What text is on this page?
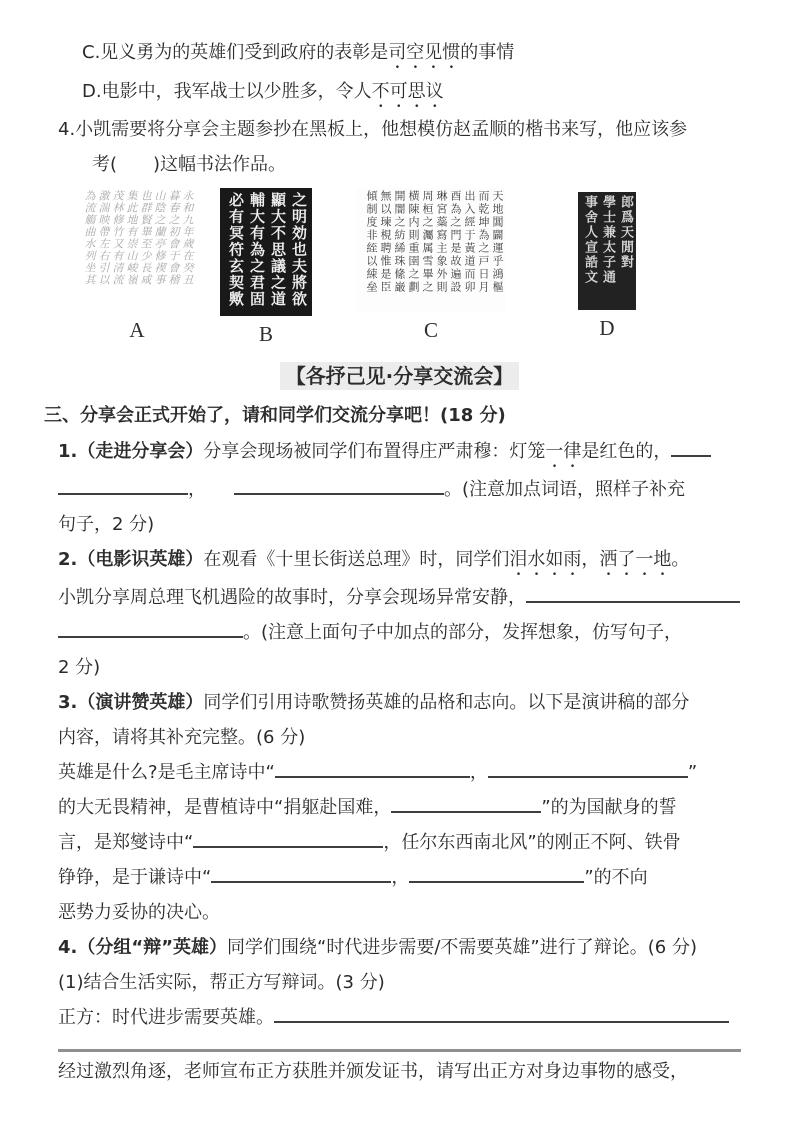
C.见义勇为的英雄们受到政府的表彰是司空见惯的事情
D.电影中，我军战士以少胜多，令人不可思议
4.小凯需要将分享会主题参抄在黑板上，他想模仿赵孟顺的楷书来写，他应该参
考(　　)这幅书法作品。
永和九年歲在癸丑
暮春之初會于會稽
山陰之蘭亭修禊事
也群賢畢至少長咸
集此地有崇山峻嶺
茂林修竹又有清流
激湍映帶左右引以
為流觴曲水列坐其
A
之明効也夫將欲
顯大不思議之道
輔大有為之君固
必有冥符玄契歟
B
天地閶闢運乎鴻樞
而乾坤為之戸日月
出入經于黃道而卯
酉為之門是故遍設
琳宮蘂寫主象外則
周桓之灟属雪畢之
横陳内則重圉之劃
開闇之紡絺珠絛巌
無以瑓梘聘惟是臣
傾制度非絰以綀垒
C
郎爲天閒對
學士兼太子通
事舍人宣誥文
D
【各抒己见·分享交流会】
三、分享会正式开始了，请和同学们交流分享吧！(18 分)
1.（走进分享会）分享会现场被同学们布置得庄严肃穆：灯笼一律是红色的，
，	。(注意加点词语，照样子补充
句子，2 分)
2.（电影识英雄）在观看《十里长街送总理》时，同学们泪水如雨，洒了一地。
小凯分享周总理飞机遇险的故事时，分享会现场异常安静，
。(注意上面句子中加点的部分，发挥想象，仿写句子，
2 分)
3.（演讲赞英雄）同学们引用诗歌赞扬英雄的品格和志向。以下是演讲稿的部分
内容，请将其补充完整。(6 分)
英雄是什么?是毛主席诗中“	，	”
的大无畏精神，是曹植诗中“捐躯赴国难，	”的为国献身的誓
言，是郑燮诗中“	，任尔东西南北风”的刚正不阿、铁骨
铮铮，是于谦诗中“	，	”的不向
恶势力妥协的决心。
4.（分组“辩”英雄）同学们围绕“时代进步需要/不需要英雄”进行了辩论。(6 分)
(1)结合生活实际，帮正方写辩词。(3 分)
正方：时代进步需要英雄。
经过激烈角逐，老师宣布正方获胜并颁发证书，请写出正方对身边事物的感受，
